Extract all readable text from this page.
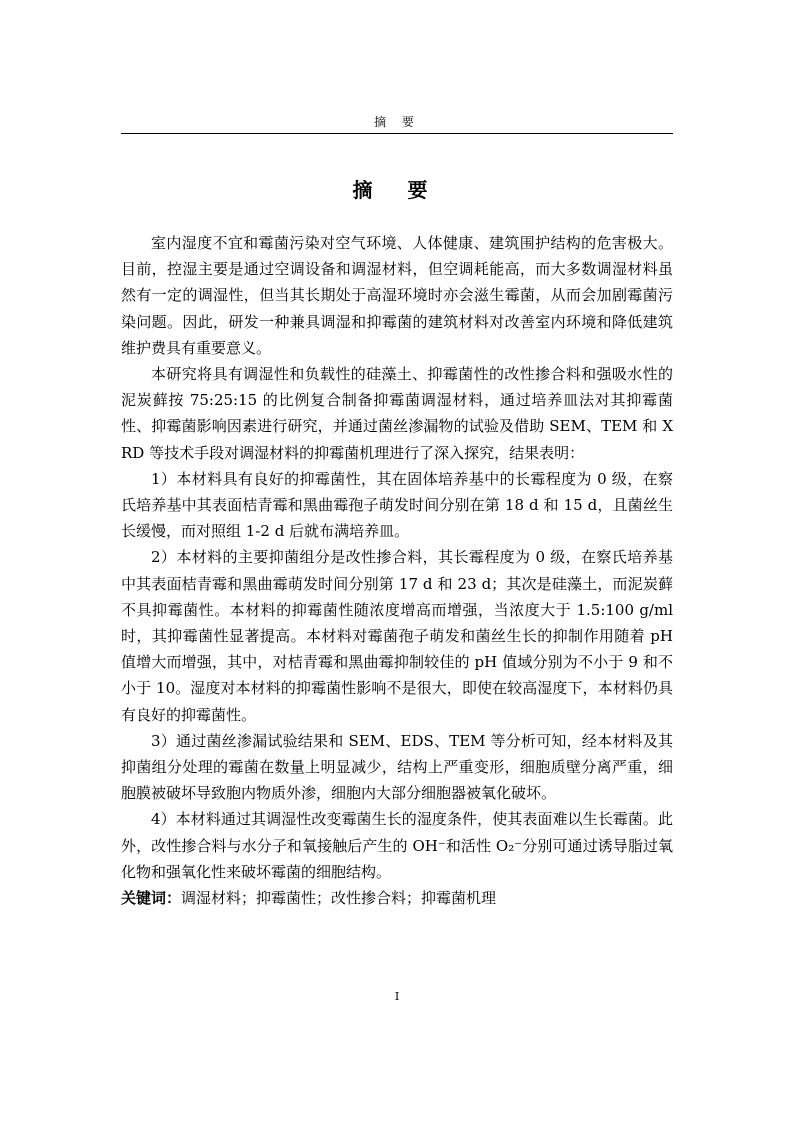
摘 要
摘 要

室内湿度不宜和霉菌污染对空气环境、人体健康、建筑围护结构的危害极大。目前，控湿主要是通过空调设备和调湿材料，但空调耗能高，而大多数调湿材料虽然有一定的调湿性，但当其长期处于高湿环境时亦会滋生霉菌，从而会加剧霉菌污染问题。因此，研发一种兼具调湿和抑霉菌的建筑材料对改善室内环境和降低建筑维护费具有重要意义。

本研究将具有调湿性和负载性的硅藻土、抑霉菌性的改性掺合料和强吸水性的泥炭藓按 75:25:15 的比例复合制备抑霉菌调湿材料，通过培养皿法对其抑霉菌性、抑霉菌影响因素进行研究，并通过菌丝渗漏物的试验及借助 SEM、TEM 和 XRD 等技术手段对调湿材料的抑霉菌机理进行了深入探究，结果表明：

1）本材料具有良好的抑霉菌性，其在固体培养基中的长霉程度为 0 级，在察氏培养基中其表面桔青霉和黑曲霉孢子萌发时间分别在第 18 d 和 15 d，且菌丝生长缓慢，而对照组 1-2 d 后就布满培养皿。

2）本材料的主要抑菌组分是改性掺合料，其长霉程度为 0 级，在察氏培养基中其表面桔青霉和黑曲霉萌发时间分别第 17 d 和 23 d；其次是硅藻土，而泥炭藓不具抑霉菌性。本材料的抑霉菌性随浓度增高而增强，当浓度大于 1.5:100 g/ml 时，其抑霉菌性显著提高。本材料对霉菌孢子萌发和菌丝生长的抑制作用随着 pH 值增大而增强，其中，对桔青霉和黑曲霉抑制较佳的 pH 值域分别为不小于 9 和不小于 10。湿度对本材料的抑霉菌性影响不是很大，即使在较高湿度下，本材料仍具有良好的抑霉菌性。

3）通过菌丝渗漏试验结果和 SEM、EDS、TEM 等分析可知，经本材料及其抑菌组分处理的霉菌在数量上明显减少，结构上严重变形，细胞质壁分离严重，细胞膜被破坏导致胞内物质外渗，细胞内大部分细胞器被氧化破坏。

4）本材料通过其调湿性改变霉菌生长的湿度条件，使其表面难以生长霉菌。此外，改性掺合料与水分子和氧接触后产生的 OH⁻和活性 O₂⁻分别可通过诱导脂过氧化物和强氧化性来破坏霉菌的细胞结构。

关键词：调湿材料；抑霉菌性；改性掺合料；抑霉菌机理

I
